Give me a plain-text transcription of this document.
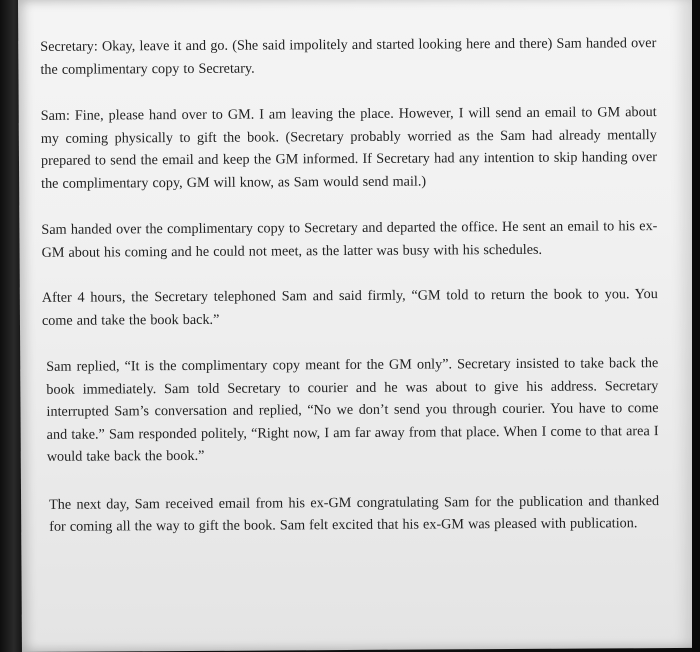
Secretary: Okay, leave it and go. (She said impolitely and started looking here and there) Sam handed over the complimentary copy to Secretary.

Sam: Fine, please hand over to GM. I am leaving the place. However, I will send an email to GM about my coming physically to gift the book. (Secretary probably worried as the Sam had already mentally prepared to send the email and keep the GM informed. If Secretary had any intention to skip handing over the complimentary copy, GM will know, as Sam would send mail.)

Sam handed over the complimentary copy to Secretary and departed the office. He sent an email to his ex-GM about his coming and he could not meet, as the latter was busy with his schedules.

After 4 hours, the Secretary telephoned Sam and said firmly, “GM told to return the book to you. You come and take the book back.”

Sam replied, “It is the complimentary copy meant for the GM only”. Secretary insisted to take back the book immediately. Sam told Secretary to courier and he was about to give his address. Secretary interrupted Sam’s conversation and replied, “No we don’t send you through courier. You have to come and take.” Sam responded politely, “Right now, I am far away from that place. When I come to that area I would take back the book.”

The next day, Sam received email from his ex-GM congratulating Sam for the publication and thanked for coming all the way to gift the book. Sam felt excited that his ex-GM was pleased with publication.
